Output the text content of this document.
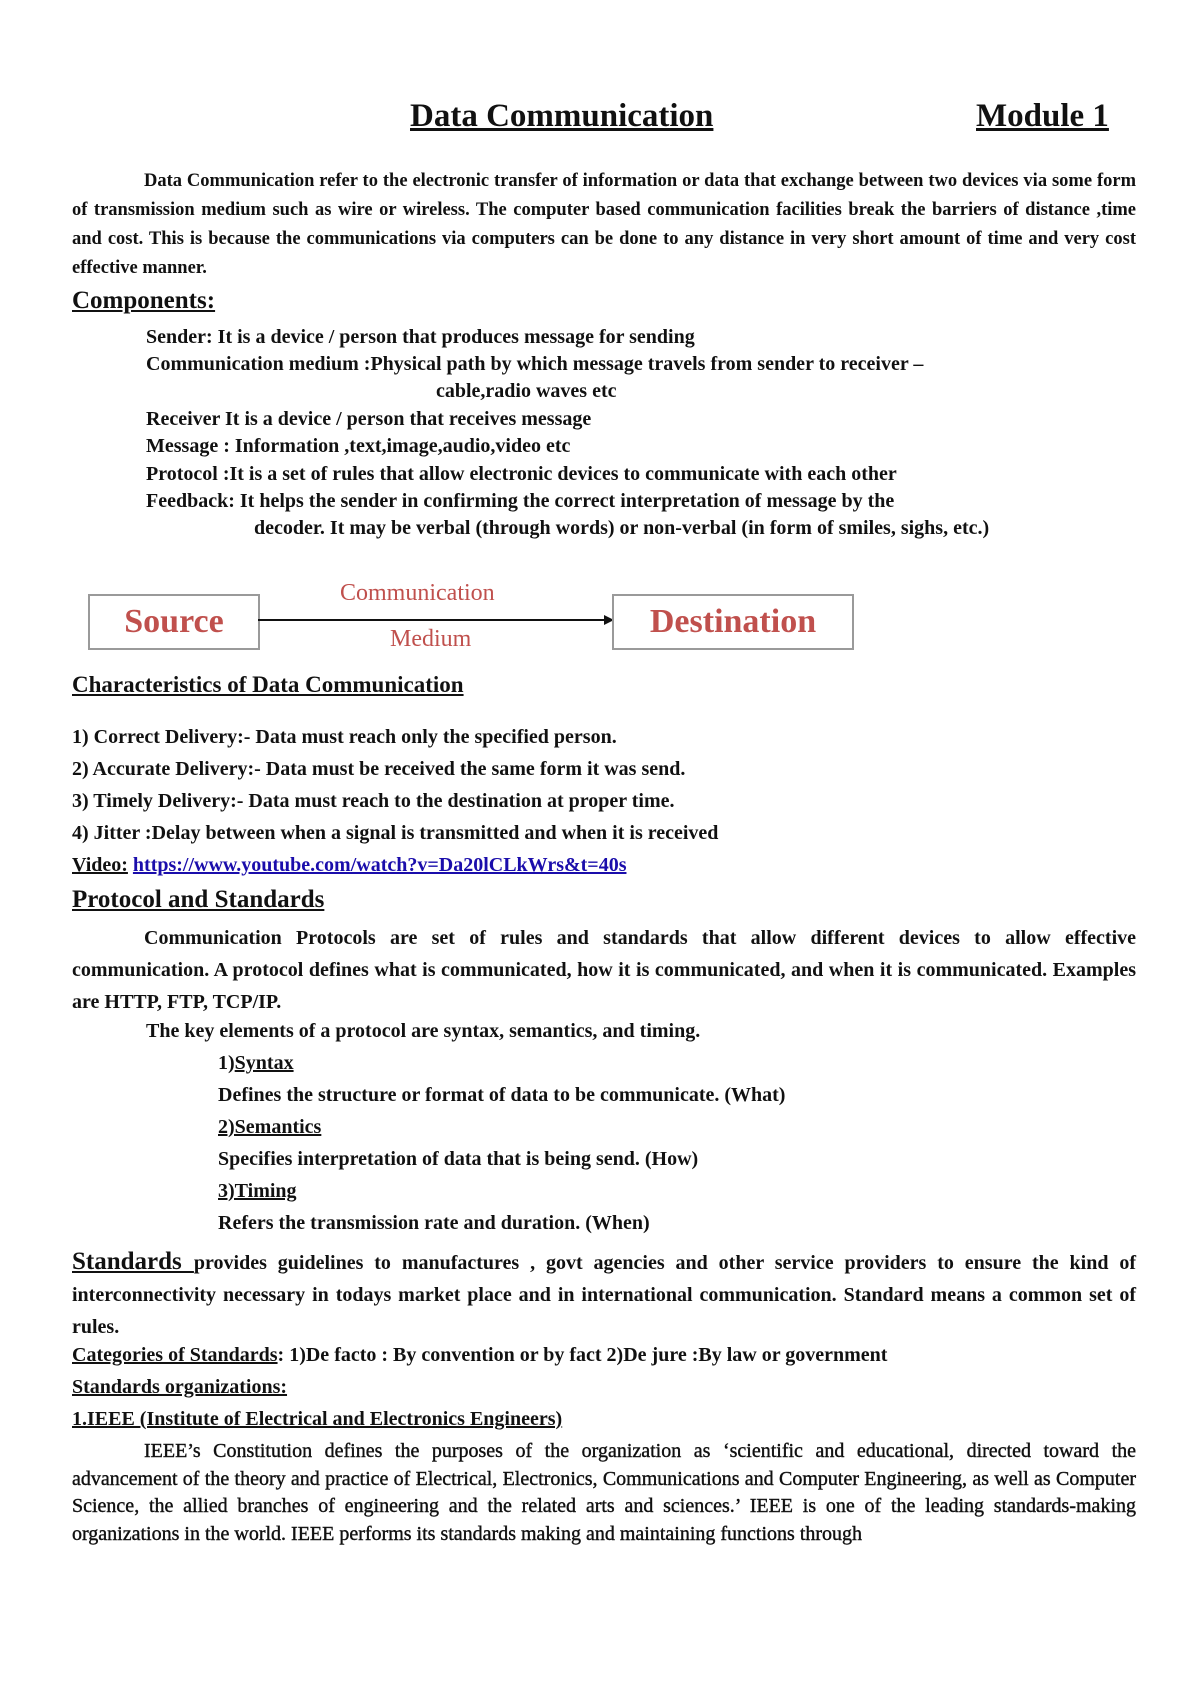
Data Communication	Module 1
Data Communication refer to the electronic transfer of information or data that exchange between two devices via some form of transmission medium such as wire or wireless. The computer based communication facilities break the barriers of distance ,time and cost. This is because the communications via computers can be done to any distance in very short amount of time and very cost effective manner.
Components:
Sender: It is a device / person that produces message for sending
Communication medium :Physical path by which message travels from sender to receiver –
cable,radio waves etc
Receiver It is a device / person that receives message
Message : Information ,text,image,audio,video etc
Protocol :It is a set of rules that allow electronic devices to communicate with each other
Feedback: It helps the sender in confirming the correct interpretation of message by the
decoder. It may be verbal (through words) or non-verbal (in form of smiles, sighs, etc.)
Source
Communication
Medium	Destination
Characteristics of Data Communication
1) Correct Delivery:- Data must reach only the specified person.
2) Accurate Delivery:- Data must be received the same form it was send.
3) Timely Delivery:- Data must reach to the destination at proper time.
4) Jitter :Delay between when a signal is transmitted and when it is received
Video: https://www.youtube.com/watch?v=Da20lCLkWrs&t=40s
Protocol and Standards
Communication Protocols are set of rules and standards that allow different devices to allow effective communication. A protocol defines what is communicated, how it is communicated, and when it is communicated. Examples are HTTP, FTP, TCP/IP.
The key elements of a protocol are syntax, semantics, and timing.
1)Syntax
Defines the structure or format of data to be communicate. (What)
2)Semantics
Specifies interpretation of data that is being send. (How)
3)Timing
Refers the transmission rate and duration. (When)
Standards provides guidelines to manufactures , govt agencies and other service providers to ensure the kind of interconnectivity necessary in todays market place and in international communication. Standard means a common set of rules.
Categories of Standards: 1)De facto : By convention or by fact 2)De jure :By law or government
Standards organizations:
1.IEEE (Institute of Electrical and Electronics Engineers)
IEEE’s Constitution defines the purposes of the organization as ‘scientific and educational, directed toward the advancement of the theory and practice of Electrical, Electronics, Communications and Computer Engineering, as well as Computer Science, the allied branches of engineering and the related arts and sciences.’ IEEE is one of the leading standards-making organizations in the world. IEEE performs its standards making and maintaining functions through
